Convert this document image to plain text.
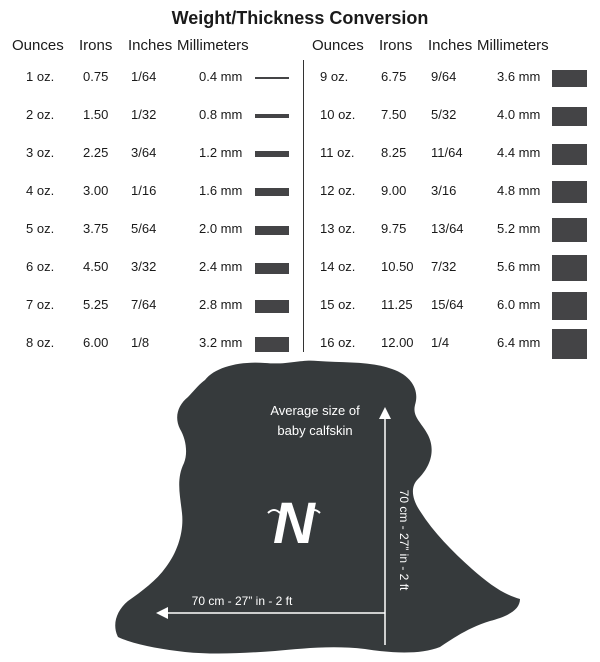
Weight/Thickness Conversion
Ounces Irons Inches Millimeters	Ounces Irons Inches Millimeters
1 oz. 0.75 1/64	0.4 mm
2 oz. 1.50 1/32	0.8 mm
3 oz. 2.25 3/64	1.2 mm
4 oz. 3.00 1/16	1.6 mm
5 oz. 3.75 5/64	2.0 mm
6 oz. 4.50 3/32	2.4 mm
7 oz. 5.25 7/64	2.8 mm
8 oz. 6.00 1/8	3.2 mm
9 oz.	6.75 9/64	3.6 mm
10 oz. 7.50 5/32	4.0 mm
11 oz. 8.25 11/64	4.4 mm
12 oz. 9.00 3/16	4.8 mm
13 oz. 9.75 13/64	5.2 mm
14 oz. 10.50 7/32	5.6 mm
15 oz. 11.25 15/64	6.0 mm
16 oz. 12.00 1/4	6.4 mm
Average size of
baby calfskin
70 cm - 27” in - 2 ft
70 cm - 27” in - 2 ft
N
